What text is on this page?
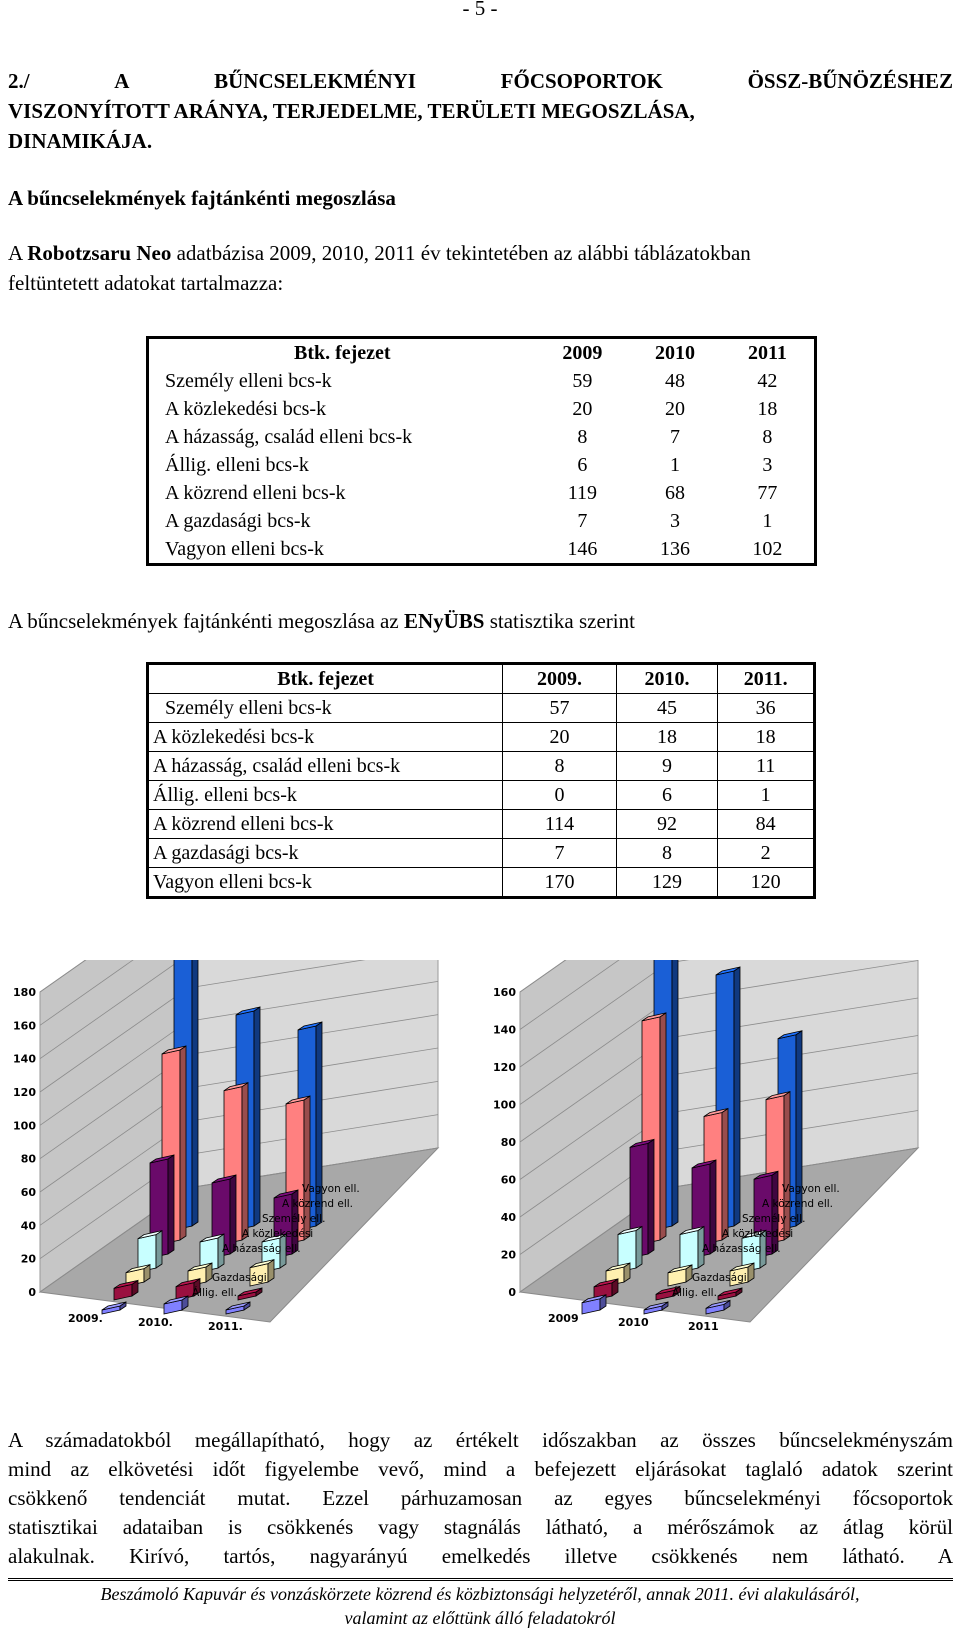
- 5 -
2./	A	BŰNCSELEKMÉNYI	FŐCSOPORTOK	ÖSSZ-BŰNÖZÉSHEZ
VISZONYÍTOTT ARÁNYA, TERJEDELME, TERÜLETI MEGOSZLÁSA,
DINAMIKÁJA.
A bűncselekmények fajtánkénti megoszlása
A Robotzsaru Neo adatbázisa 2009, 2010, 2011 év tekintetében az alábbi táblázatokban
feltüntetett adatokat tartalmazza:
Btk. fejezet	2009	2010	2011
Személy elleni bcs-k	59	48	42
A közlekedési bcs-k	20	20	18
A házasság, család elleni bcs-k	8	7	8
Állig. elleni bcs-k	6	1	3
A közrend elleni bcs-k	119	68	77
A gazdasági bcs-k	7	3	1
Vagyon elleni bcs-k	146	136	102
A bűncselekmények fajtánkénti megoszlása az ENyÜBS statisztika szerint
Btk. fejezet	2009.	2010.	2011.
Személy elleni bcs-k	57	45	36
A közlekedési bcs-k	20	18	18
A házasság, család elleni bcs-k	8	9	11
Állig. elleni bcs-k	0	6	1
A közrend elleni bcs-k	114	92	84
A gazdasági bcs-k	7	8	2
Vagyon elleni bcs-k	170	129	120
0
20
40
60
80
100
120
140
160
180
2009.	2010.	2011.
Vagyon ell.
A közrend ell.
Személy ell.
A közlekedési
A házasság ell.
Gazdasági
Állig. ell.	0
20
40
60
80
100
120
140
160
2009	2010	2011
Vagyon ell.
A közrend ell.
Személy ell.
A közlekedési
A házasság ell.
Gazdasági
Állig. ell.
A számadatokból megállapítható, hogy az értékelt időszakban az összes bűncselekményszám
mind az elkövetési időt figyelembe vevő, mind a befejezett eljárásokat taglaló adatok szerint
csökkenő tendenciát mutat. Ezzel párhuzamosan az egyes bűncselekményi főcsoportok
statisztikai adataiban is csökkenés vagy stagnálás látható, a mérőszámok az átlag körül
alakulnak. Kirívó, tartós, nagyarányú emelkedés illetve csökkenés nem látható. A
Beszámoló Kapuvár és vonzáskörzete közrend és közbiztonsági helyzetéről, annak 2011. évi alakulásáról,
valamint az előttünk álló feladatokról
